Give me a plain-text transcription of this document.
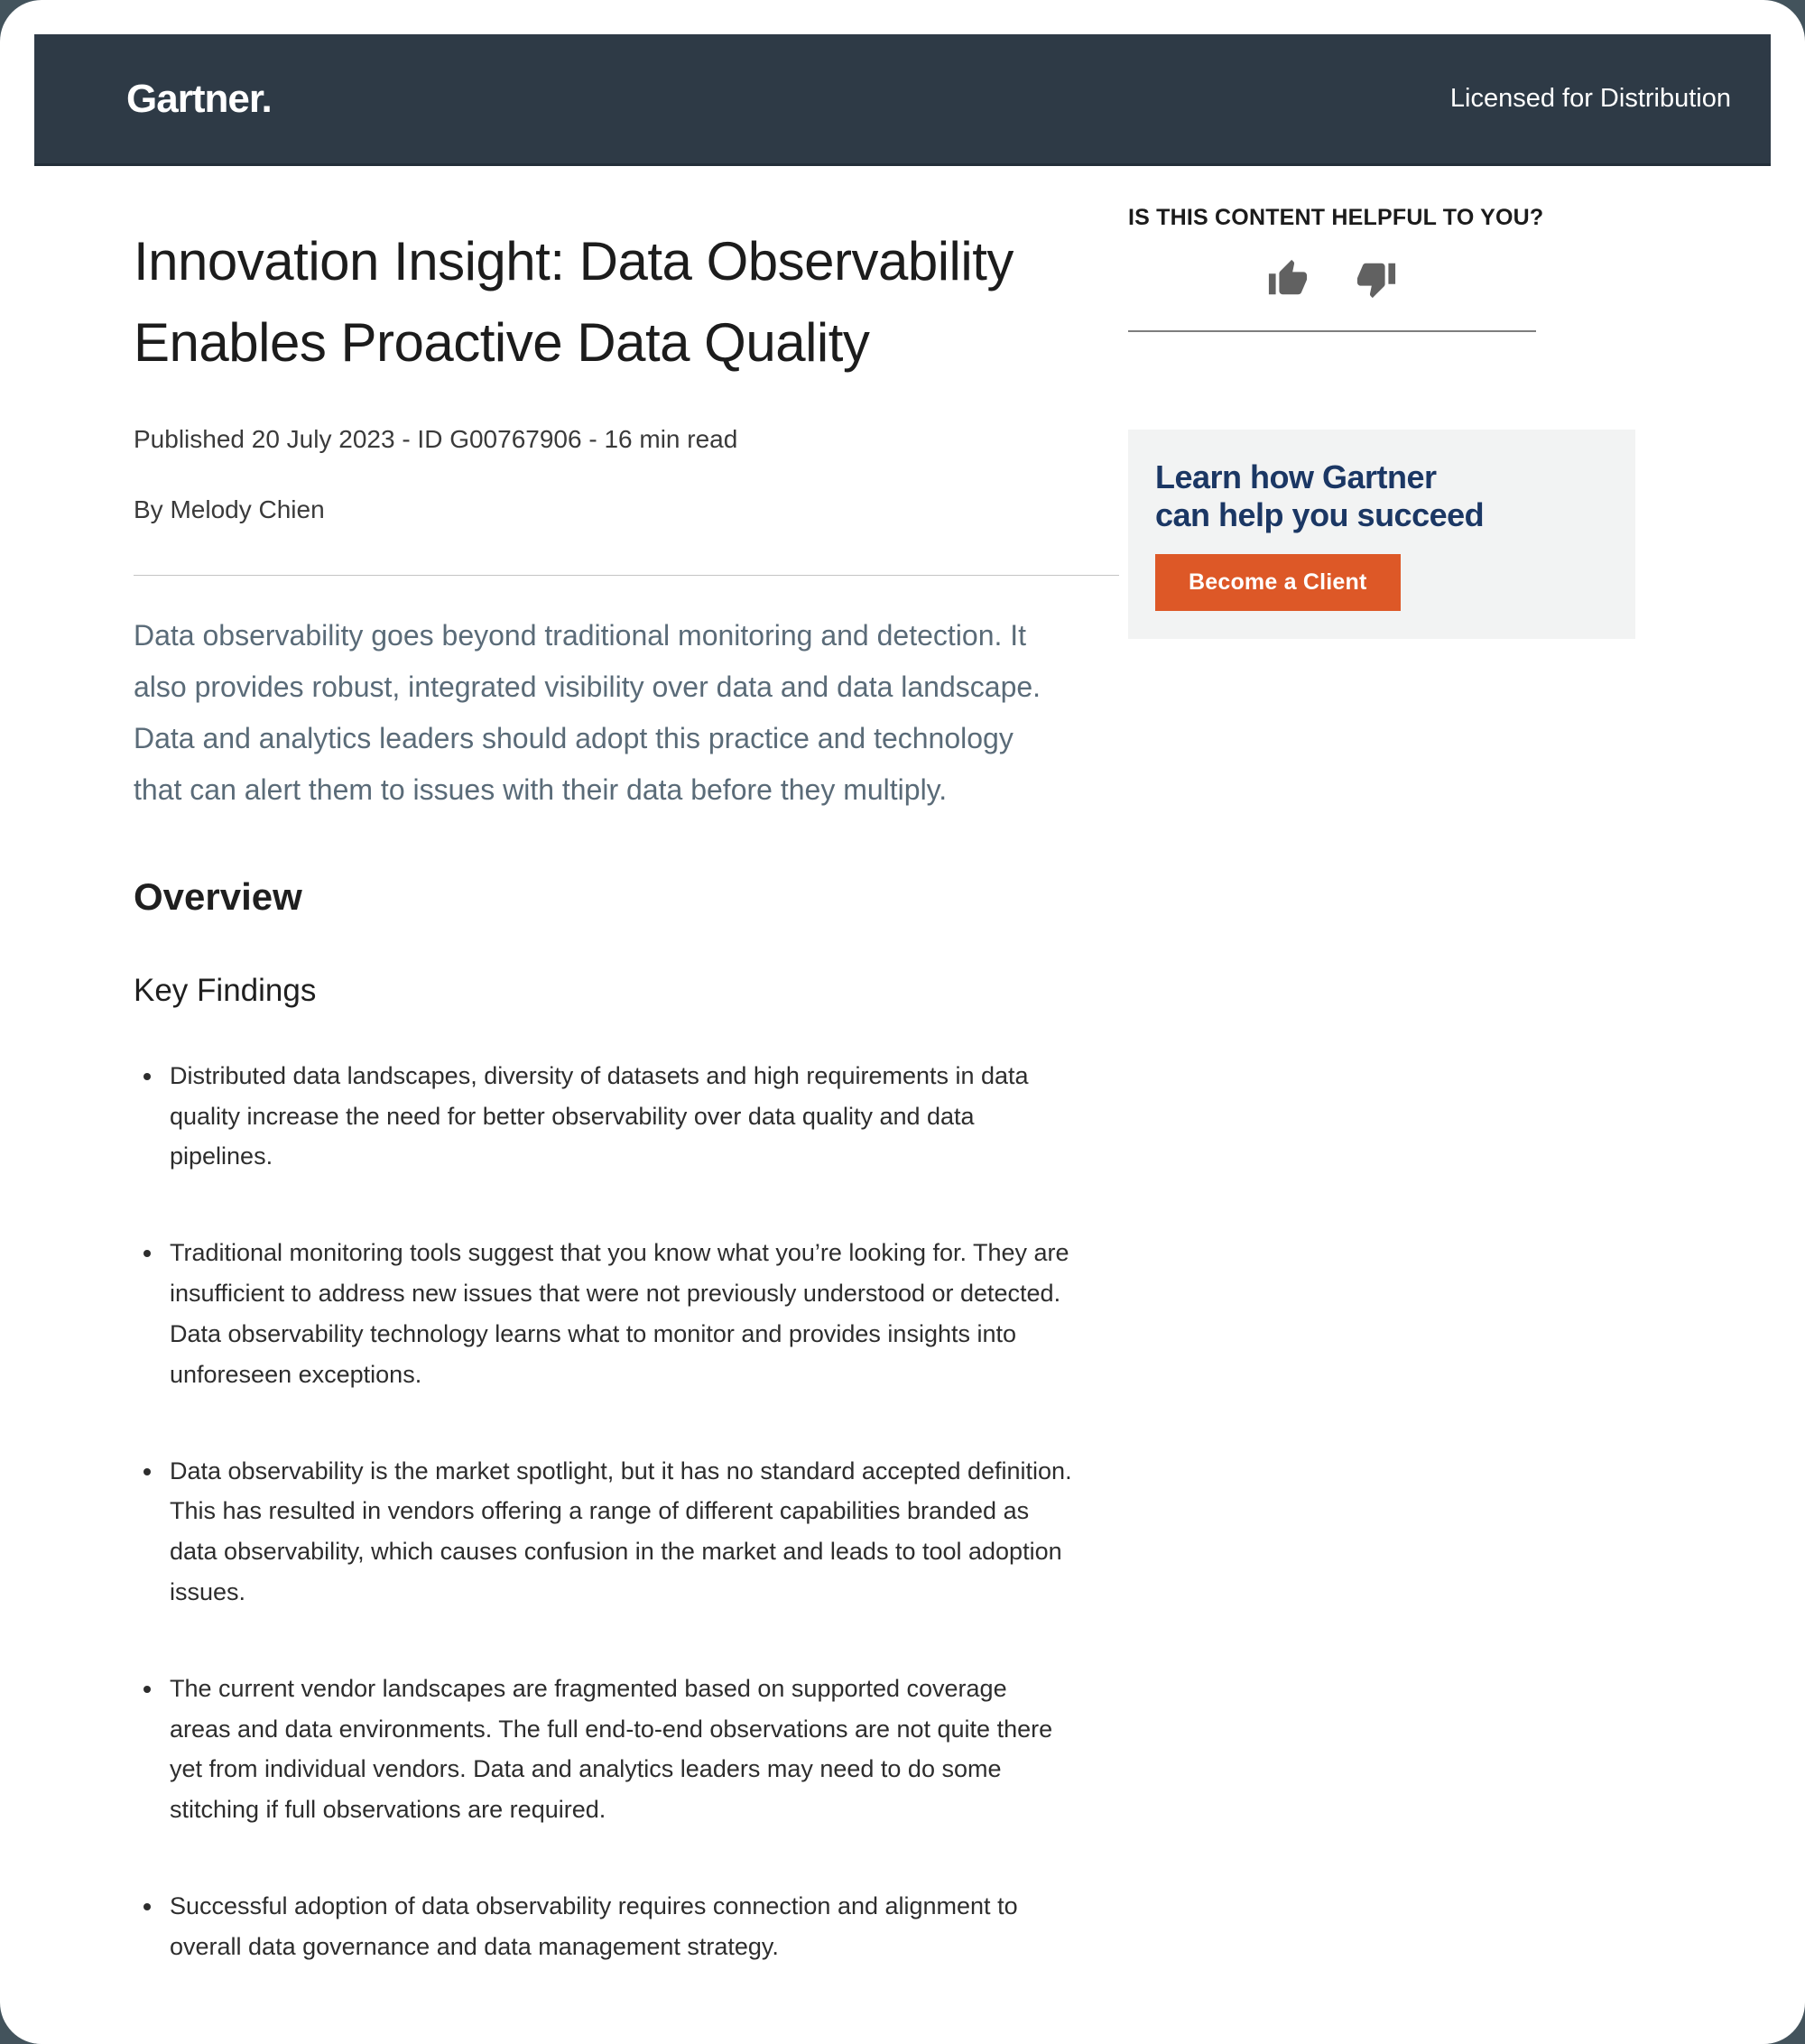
Gartner.	Licensed for Distribution
Innovation Insight: Data Observability Enables Proactive Data Quality
Published 20 July 2023 - ID G00767906 - 16 min read
By Melody Chien

Data observability goes beyond traditional monitoring and detection. It also provides robust, integrated visibility over data and data landscape. Data and analytics leaders should adopt this practice and technology that can alert them to issues with their data before they multiply.

Overview
Key Findings
• Distributed data landscapes, diversity of datasets and high requirements in data quality increase the need for better observability over data quality and data pipelines.
• Traditional monitoring tools suggest that you know what you’re looking for. They are insufficient to address new issues that were not previously understood or detected. Data observability technology learns what to monitor and provides insights into unforeseen exceptions.
• Data observability is the market spotlight, but it has no standard accepted definition. This has resulted in vendors offering a range of different capabilities branded as data observability, which causes confusion in the market and leads to tool adoption issues.
• The current vendor landscapes are fragmented based on supported coverage areas and data environments. The full end-to-end observations are not quite there yet from individual vendors. Data and analytics leaders may need to do some stitching if full observations are required.
• Successful adoption of data observability requires connection and alignment to overall data governance and data management strategy.
IS THIS CONTENT HELPFUL TO YOU?
Learn how Gartner
can help you succeed
Become a Client
